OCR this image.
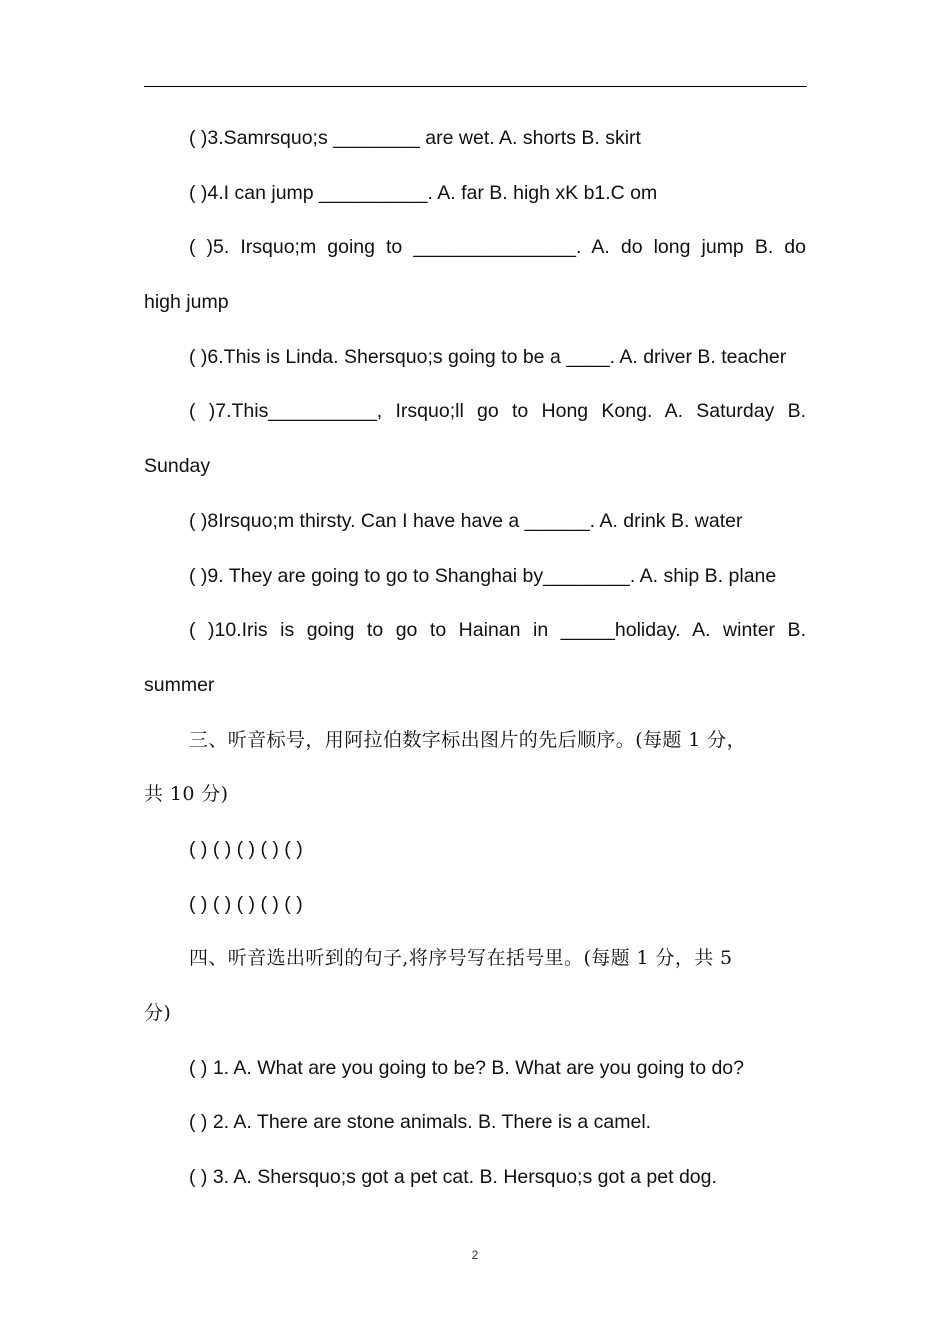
( )3.Samrsquo;s ________ are wet. A. shorts B. skirt
( )4.I can jump __________. A. far B. high xK b1.C om
( )5. Irsquo;m going to _______________. A. do long jump B. do
high jump
( )6.This is Linda. Shersquo;s going to be a ____. A. driver B. teacher
( )7.This__________, Irsquo;ll go to Hong Kong. A. Saturday B.
Sunday
( )8Irsquo;m thirsty. Can I have have a ______. A. drink B. water
( )9. They are going to go to Shanghai by________. A. ship B. plane
( )10.Iris is going to go to Hainan in _____holiday. A. winter B.
summer
三、听音标号，用阿拉伯数字标出图片的先后顺序。(每题 1 分，
共 10 分)
( ) ( ) ( ) ( ) ( )
( ) ( ) ( ) ( ) ( )
四、听音选出听到的句子,将序号写在括号里。(每题 1 分，共 5
分)
( ) 1. A. What are you going to be? B. What are you going to do?
( ) 2. A. There are stone animals. B. There is a camel.
( ) 3. A. Shersquo;s got a pet cat. B. Hersquo;s got a pet dog.
2
